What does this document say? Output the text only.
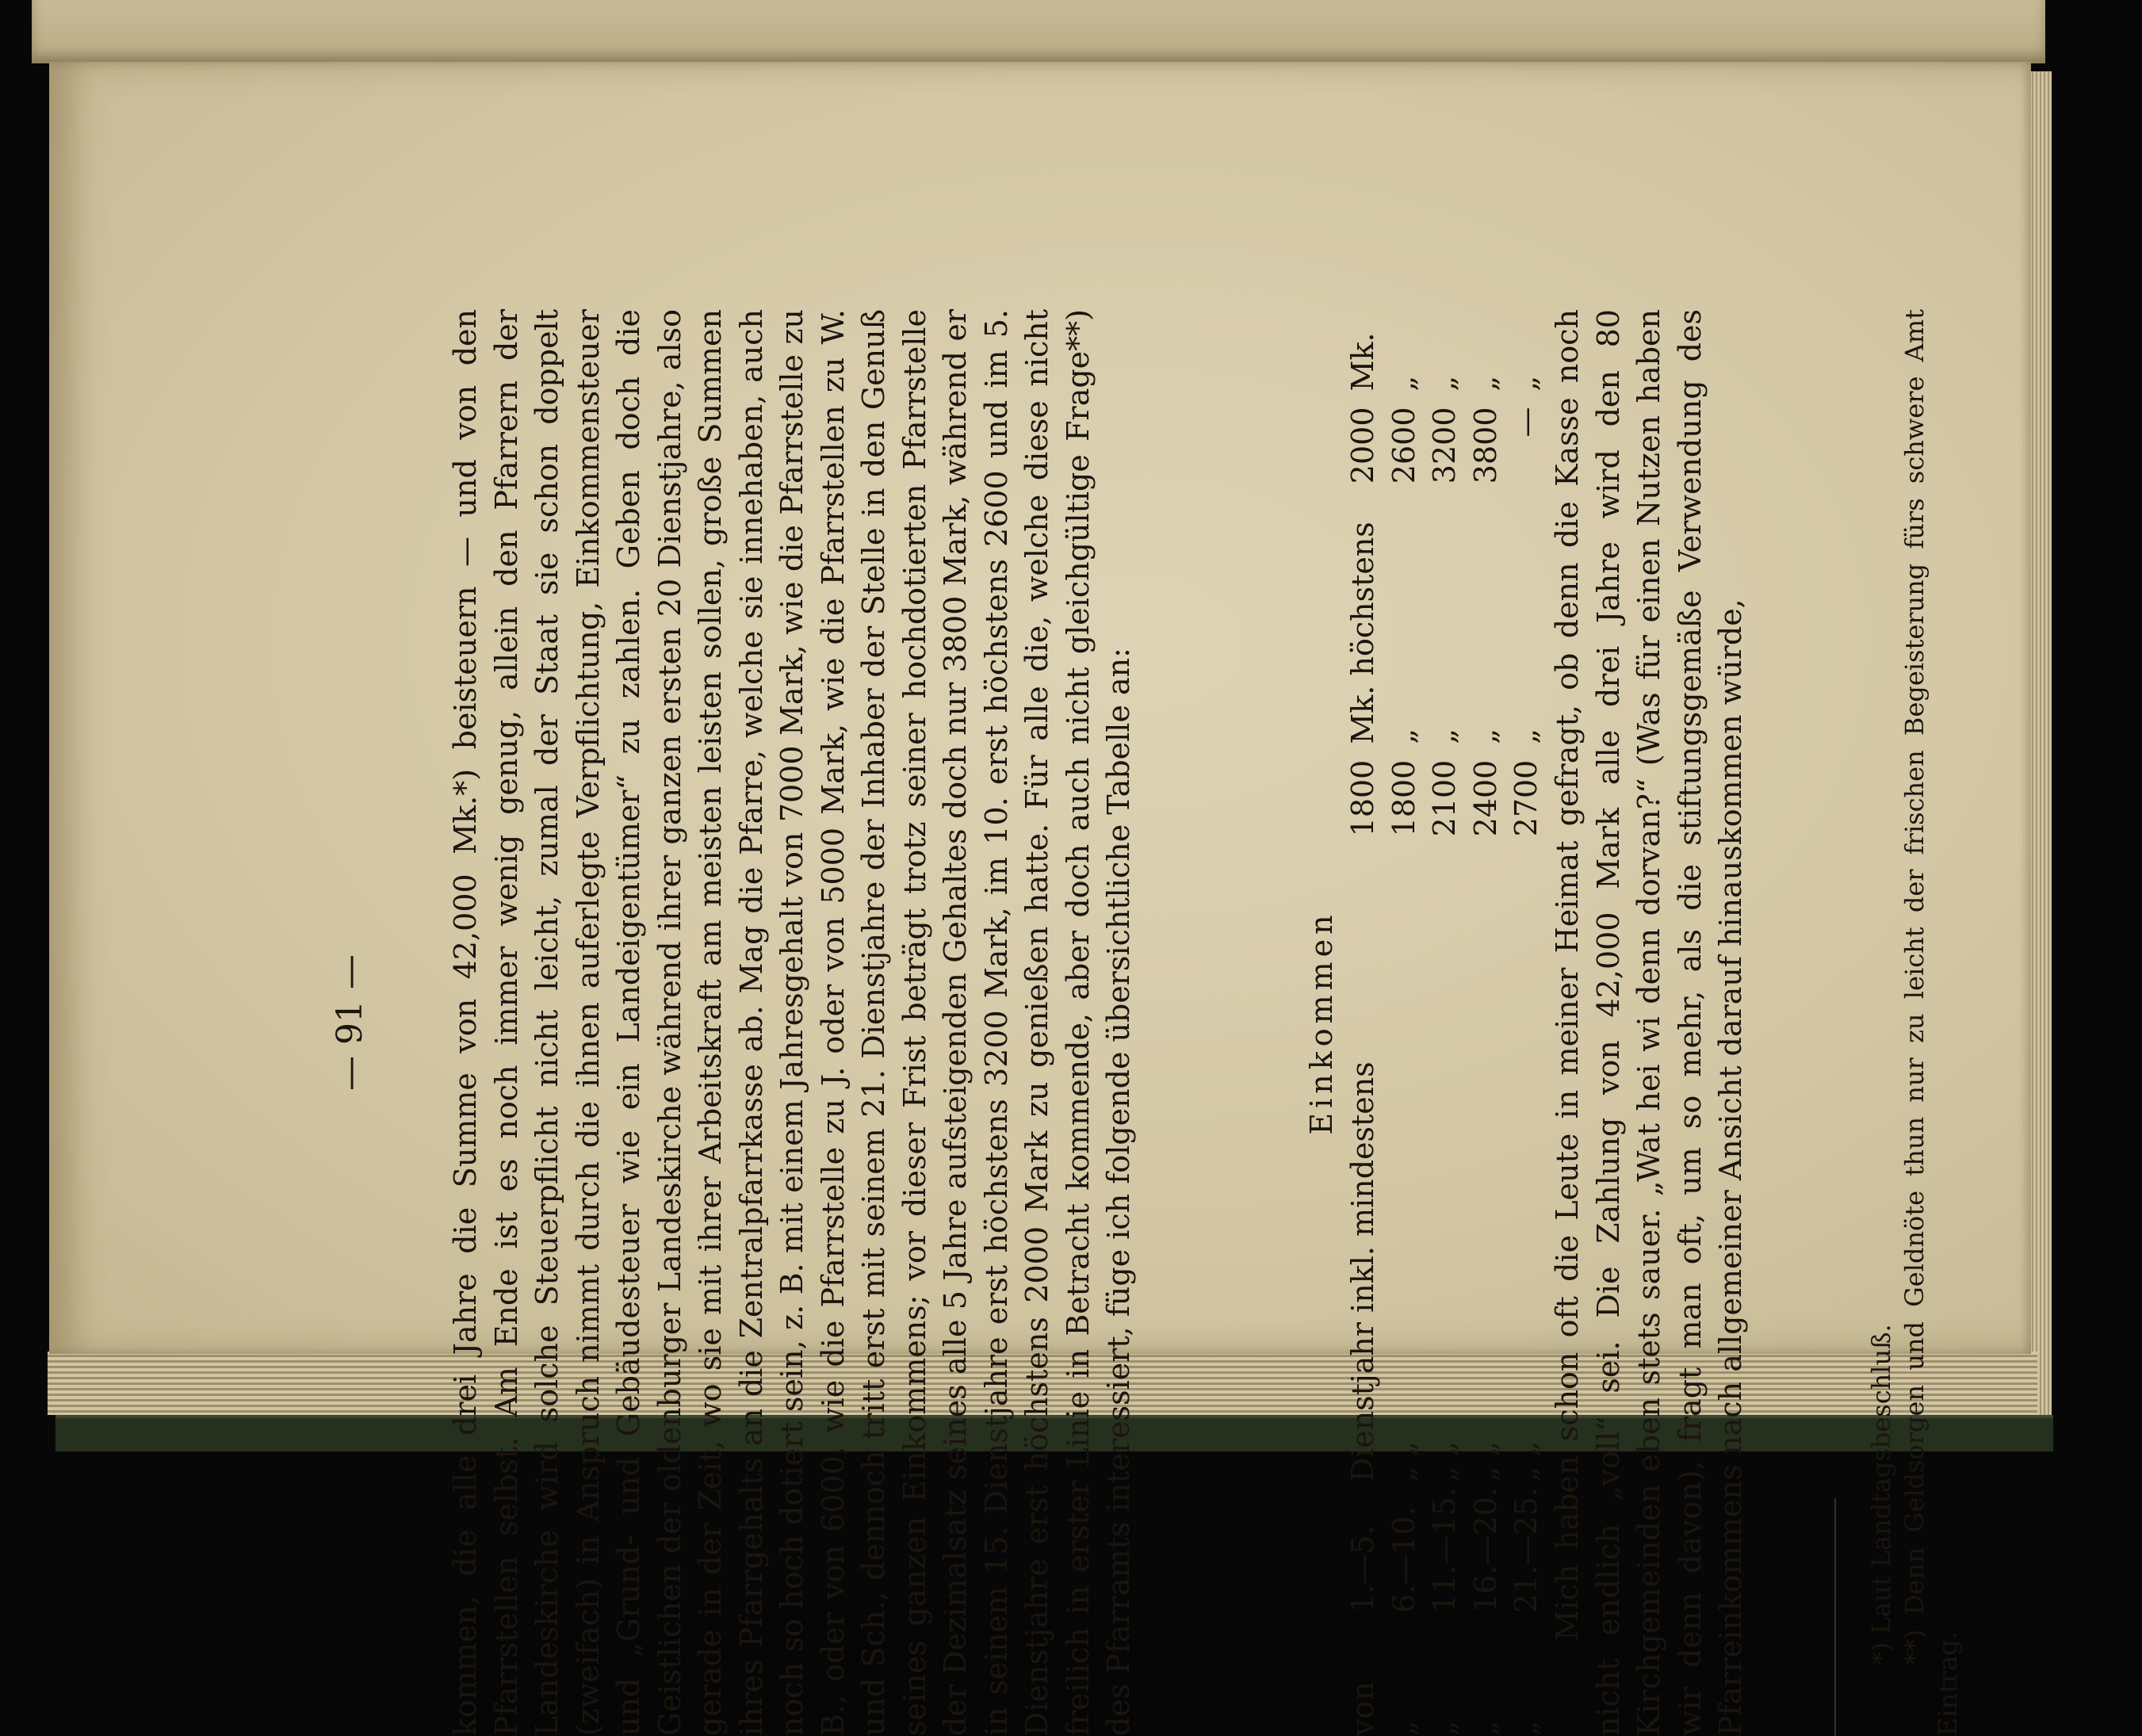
— 91 —	kommen, die alle drei Jahre die Summe von 42,000 Mk.*) beisteuern — und von den Pfarrstellen selbst. Am Ende ist es noch immer wenig genug, allein den Pfarrern der Landeskirche wird solche Steuerpflicht nicht leicht, zumal der Staat sie schon doppelt (zweifach) in Anspruch nimmt durch die ihnen auferlegte Verpflichtung, Einkommensteuer und „Grund- und Gebäudesteuer wie ein Landeigentümer“ zu zahlen. Geben doch die Geistlichen der oldenburger Landeskirche während ihrer ganzen ersten 20 Dienstjahre, also gerade in der Zeit, wo sie mit ihrer Arbeitskraft am meisten leisten sollen, große Summen ihres Pfarrgehalts an die Zentralpfarrkasse ab. Mag die Pfarre, welche sie innehaben, auch noch so hoch dotiert sein, z. B. mit einem Jahresgehalt von 7000 Mark, wie die Pfarrstelle zu B., oder von 6000, wie die Pfarrstelle zu J. oder von 5000 Mark, wie die Pfarrstellen zu W. und Sch., dennoch tritt erst mit seinem 21. Dienstjahre der Inhaber der Stelle in den Genuß seines ganzen Einkommens; vor dieser Frist beträgt trotz seiner hochdotierten Pfarrstelle der Dezimalsatz seines alle 5 Jahre aufsteigenden Gehaltes doch nur 3800 Mark, während er in seinem 15. Dienstjahre erst höchstens 3200 Mark, im 10. erst höchstens 2600 und im 5. Dienstjahre erst höchstens 2000 Mark zu genießen hatte. Für alle die, welche diese nicht freilich in erster Linie in Betracht kommende, aber doch auch nicht gleichgültige Frage**) des Pfarramts interessiert, füge ich folgende übersichtliche Tabelle an:	Einkommen
von	1.—5.	Dienstjahr inkl. mindestens	1800	Mk. höchstens	2000	Mk.
„	6.—10.	„ „	1800	„	2600	„
„	11.—15.	„ „	2100	„	3200	„
„	16.—20.	„ „	2400	„	3800	„
„	21.—25.	„ „	2700	„	—	„ Mich haben schon oft die Leute in meiner Heimat gefragt, ob denn die Kasse noch nicht endlich „voll“ sei. Die Zahlung von 42,000 Mark alle drei Jahre wird den 80 Kirchgemeinden eben stets sauer. „Wat hei wi denn dorvan?“ (Was für einen Nutzen haben wir denn davon), fragt man oft, um so mehr, als die stiftungsgemäße Verwendung des Pfarreinkommens nach allgemeiner Ansicht darauf hinauskommen würde,	*) Laut Landtagsbeschluß. **) Denn Geldsorgen und Geldnöte thun nur zu leicht der frischen Begeisterung fürs schwere Amt Eintrag.
